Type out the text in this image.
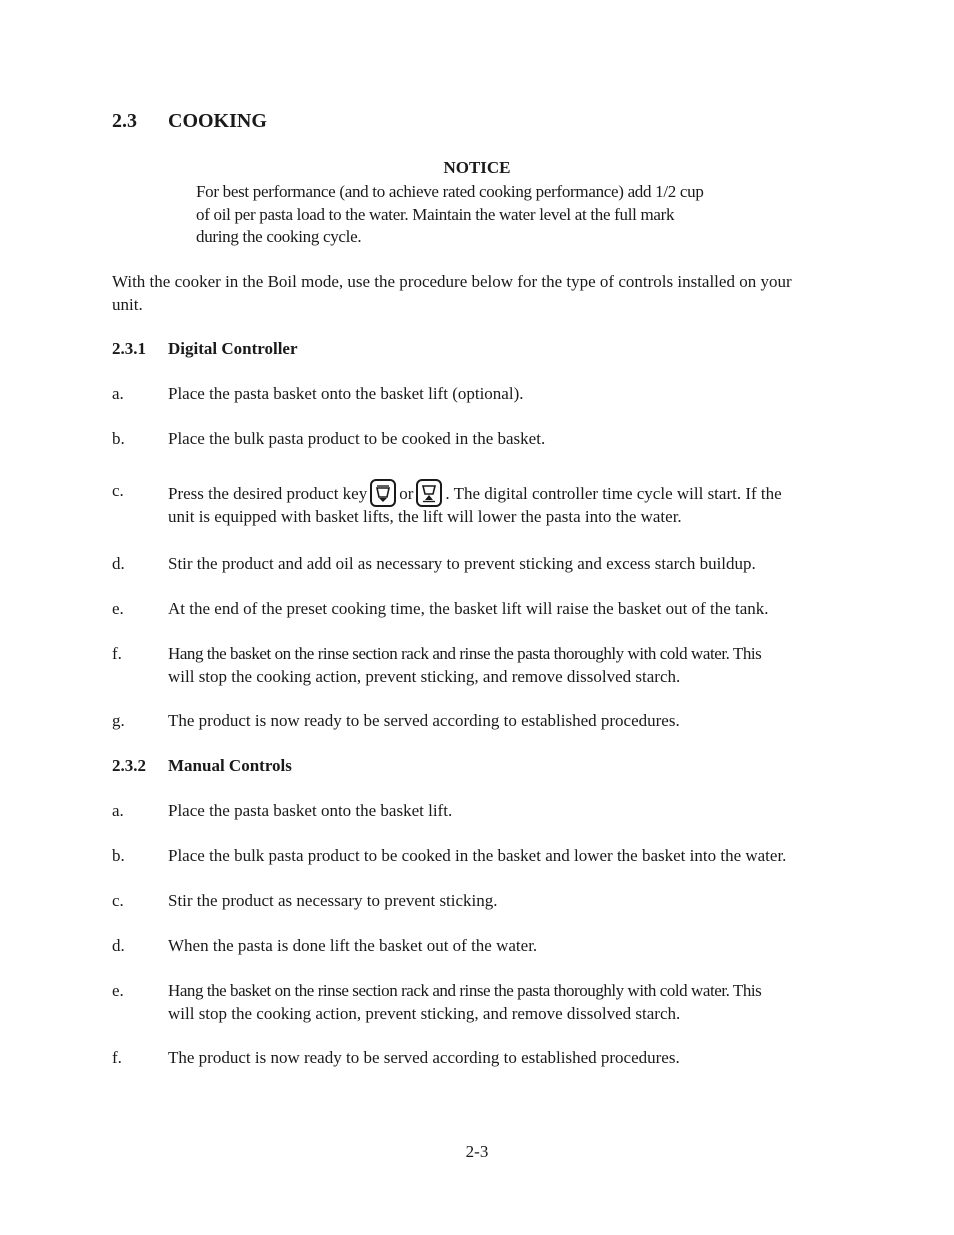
2.3 COOKING
NOTICE
For best performance (and to achieve rated cooking performance) add 1/2 cup
of oil per pasta load to the water. Maintain the water level at the full mark
during the cooking cycle.
With the cooker in the Boil mode, use the procedure below for the type of controls installed on your
unit.
2.3.1 Digital Controller
a.	Place the pasta basket onto the basket lift (optional).
b.	Place the bulk pasta product to be cooked in the basket.
c.	Press the desired product key or . The digital controller time cycle will start. If the
unit is equipped with basket lifts, the lift will lower the pasta into the water.
d.	Stir the product and add oil as necessary to prevent sticking and excess starch buildup.
e.	At the end of the preset cooking time, the basket lift will raise the basket out of the tank.
f.	Hang the basket on the rinse section rack and rinse the pasta thoroughly with cold water. This
will stop the cooking action, prevent sticking, and remove dissolved starch.
g.	The product is now ready to be served according to established procedures.
2.3.2 Manual Controls
a.	Place the pasta basket onto the basket lift.
b.	Place the bulk pasta product to be cooked in the basket and lower the basket into the water.
c.	Stir the product as necessary to prevent sticking.
d.	When the pasta is done lift the basket out of the water.
e.	Hang the basket on the rinse section rack and rinse the pasta thoroughly with cold water. This
will stop the cooking action, prevent sticking, and remove dissolved starch.
f.	The product is now ready to be served according to established procedures.
2-3
